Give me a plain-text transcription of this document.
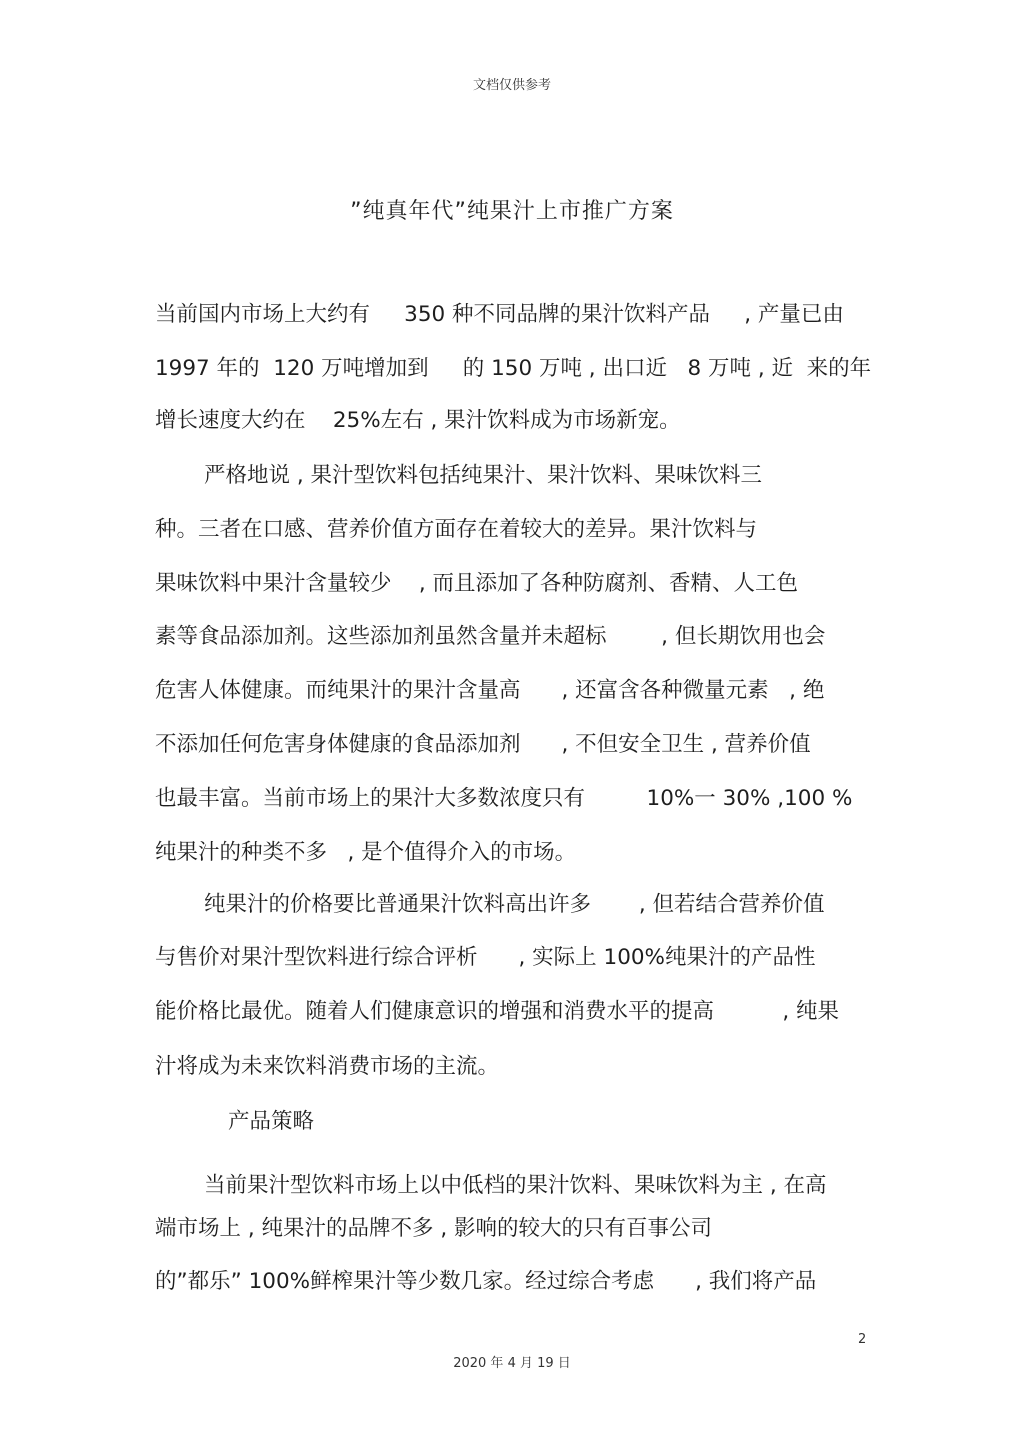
文档仅供参考
”纯真年代”纯果汁上市推广方案
当前国内市场上大约有     350 种不同品牌的果汁饮料产品     , 产量已由
1997 年的  120 万吨增加到     的 150 万吨 , 出口近   8 万吨 , 近  来的年
增长速度大约在    25%左右 , 果汁饮料成为市场新宠。
严格地说 , 果汁型饮料包括纯果汁、果汁饮料、果味饮料三
种。三者在口感、营养价值方面存在着较大的差异。果汁饮料与
果味饮料中果汁含量较少    , 而且添加了各种防腐剂、香精、人工色
素等食品添加剂。这些添加剂虽然含量并未超标        , 但长期饮用也会
危害人体健康。而纯果汁的果汁含量高      , 还富含各种微量元素   , 绝
不添加任何危害身体健康的食品添加剂      , 不但安全卫生 , 营养价值
也最丰富。当前市场上的果汁大多数浓度只有         10%一 30% ,100 %
纯果汁的种类不多   , 是个值得介入的市场。
纯果汁的价格要比普通果汁饮料高出许多       , 但若结合营养价值
与售价对果汁型饮料进行综合评析      , 实际上 100%纯果汁的产品性
能价格比最优。随着人们健康意识的增强和消费水平的提高          , 纯果
汁将成为未来饮料消费市场的主流。
产品策略
当前果汁型饮料市场上以中低档的果汁饮料、果味饮料为主 , 在高
端市场上 , 纯果汁的品牌不多 , 影响的较大的只有百事公司
的”都乐” 100%鲜榨果汁等少数几家。经过综合考虑      , 我们将产品
2
2020 年 4 月 19 日
